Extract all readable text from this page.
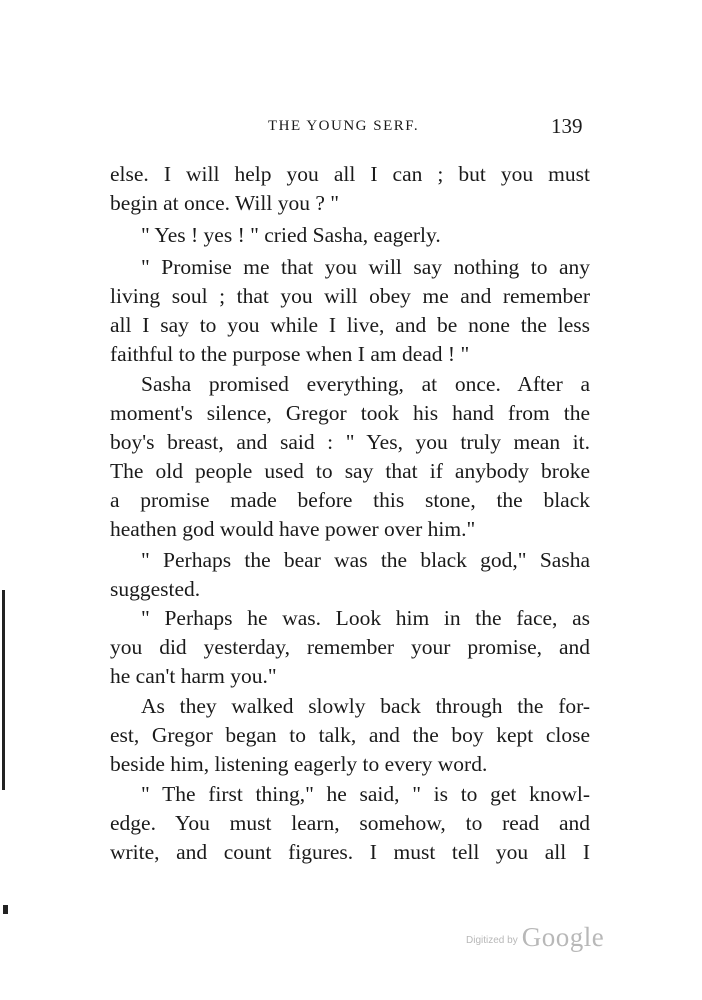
THE YOUNG SERF.	139
else. I will help you all I can ; but you must
begin at once. Will you ? "
" Yes ! yes ! " cried Sasha, eagerly.
" Promise me that you will say nothing to any
living soul ; that you will obey me and remember
all I say to you while I live, and be none the less
faithful to the purpose when I am dead ! "
Sasha promised everything, at once. After a
moment's silence, Gregor took his hand from the
boy's breast, and said : " Yes, you truly mean it.
The old people used to say that if anybody broke
a promise made before this stone, the black
heathen god would have power over him."
" Perhaps the bear was the black god," Sasha
suggested.
" Perhaps he was. Look him in the face, as
you did yesterday, remember your promise, and
he can't harm you."
As they walked slowly back through the for-
est, Gregor began to talk, and the boy kept close
beside him, listening eagerly to every word.
" The first thing," he said, " is to get knowl-
edge. You must learn, somehow, to read and
write, and count figures. I must tell you all I
Digitized by Google
